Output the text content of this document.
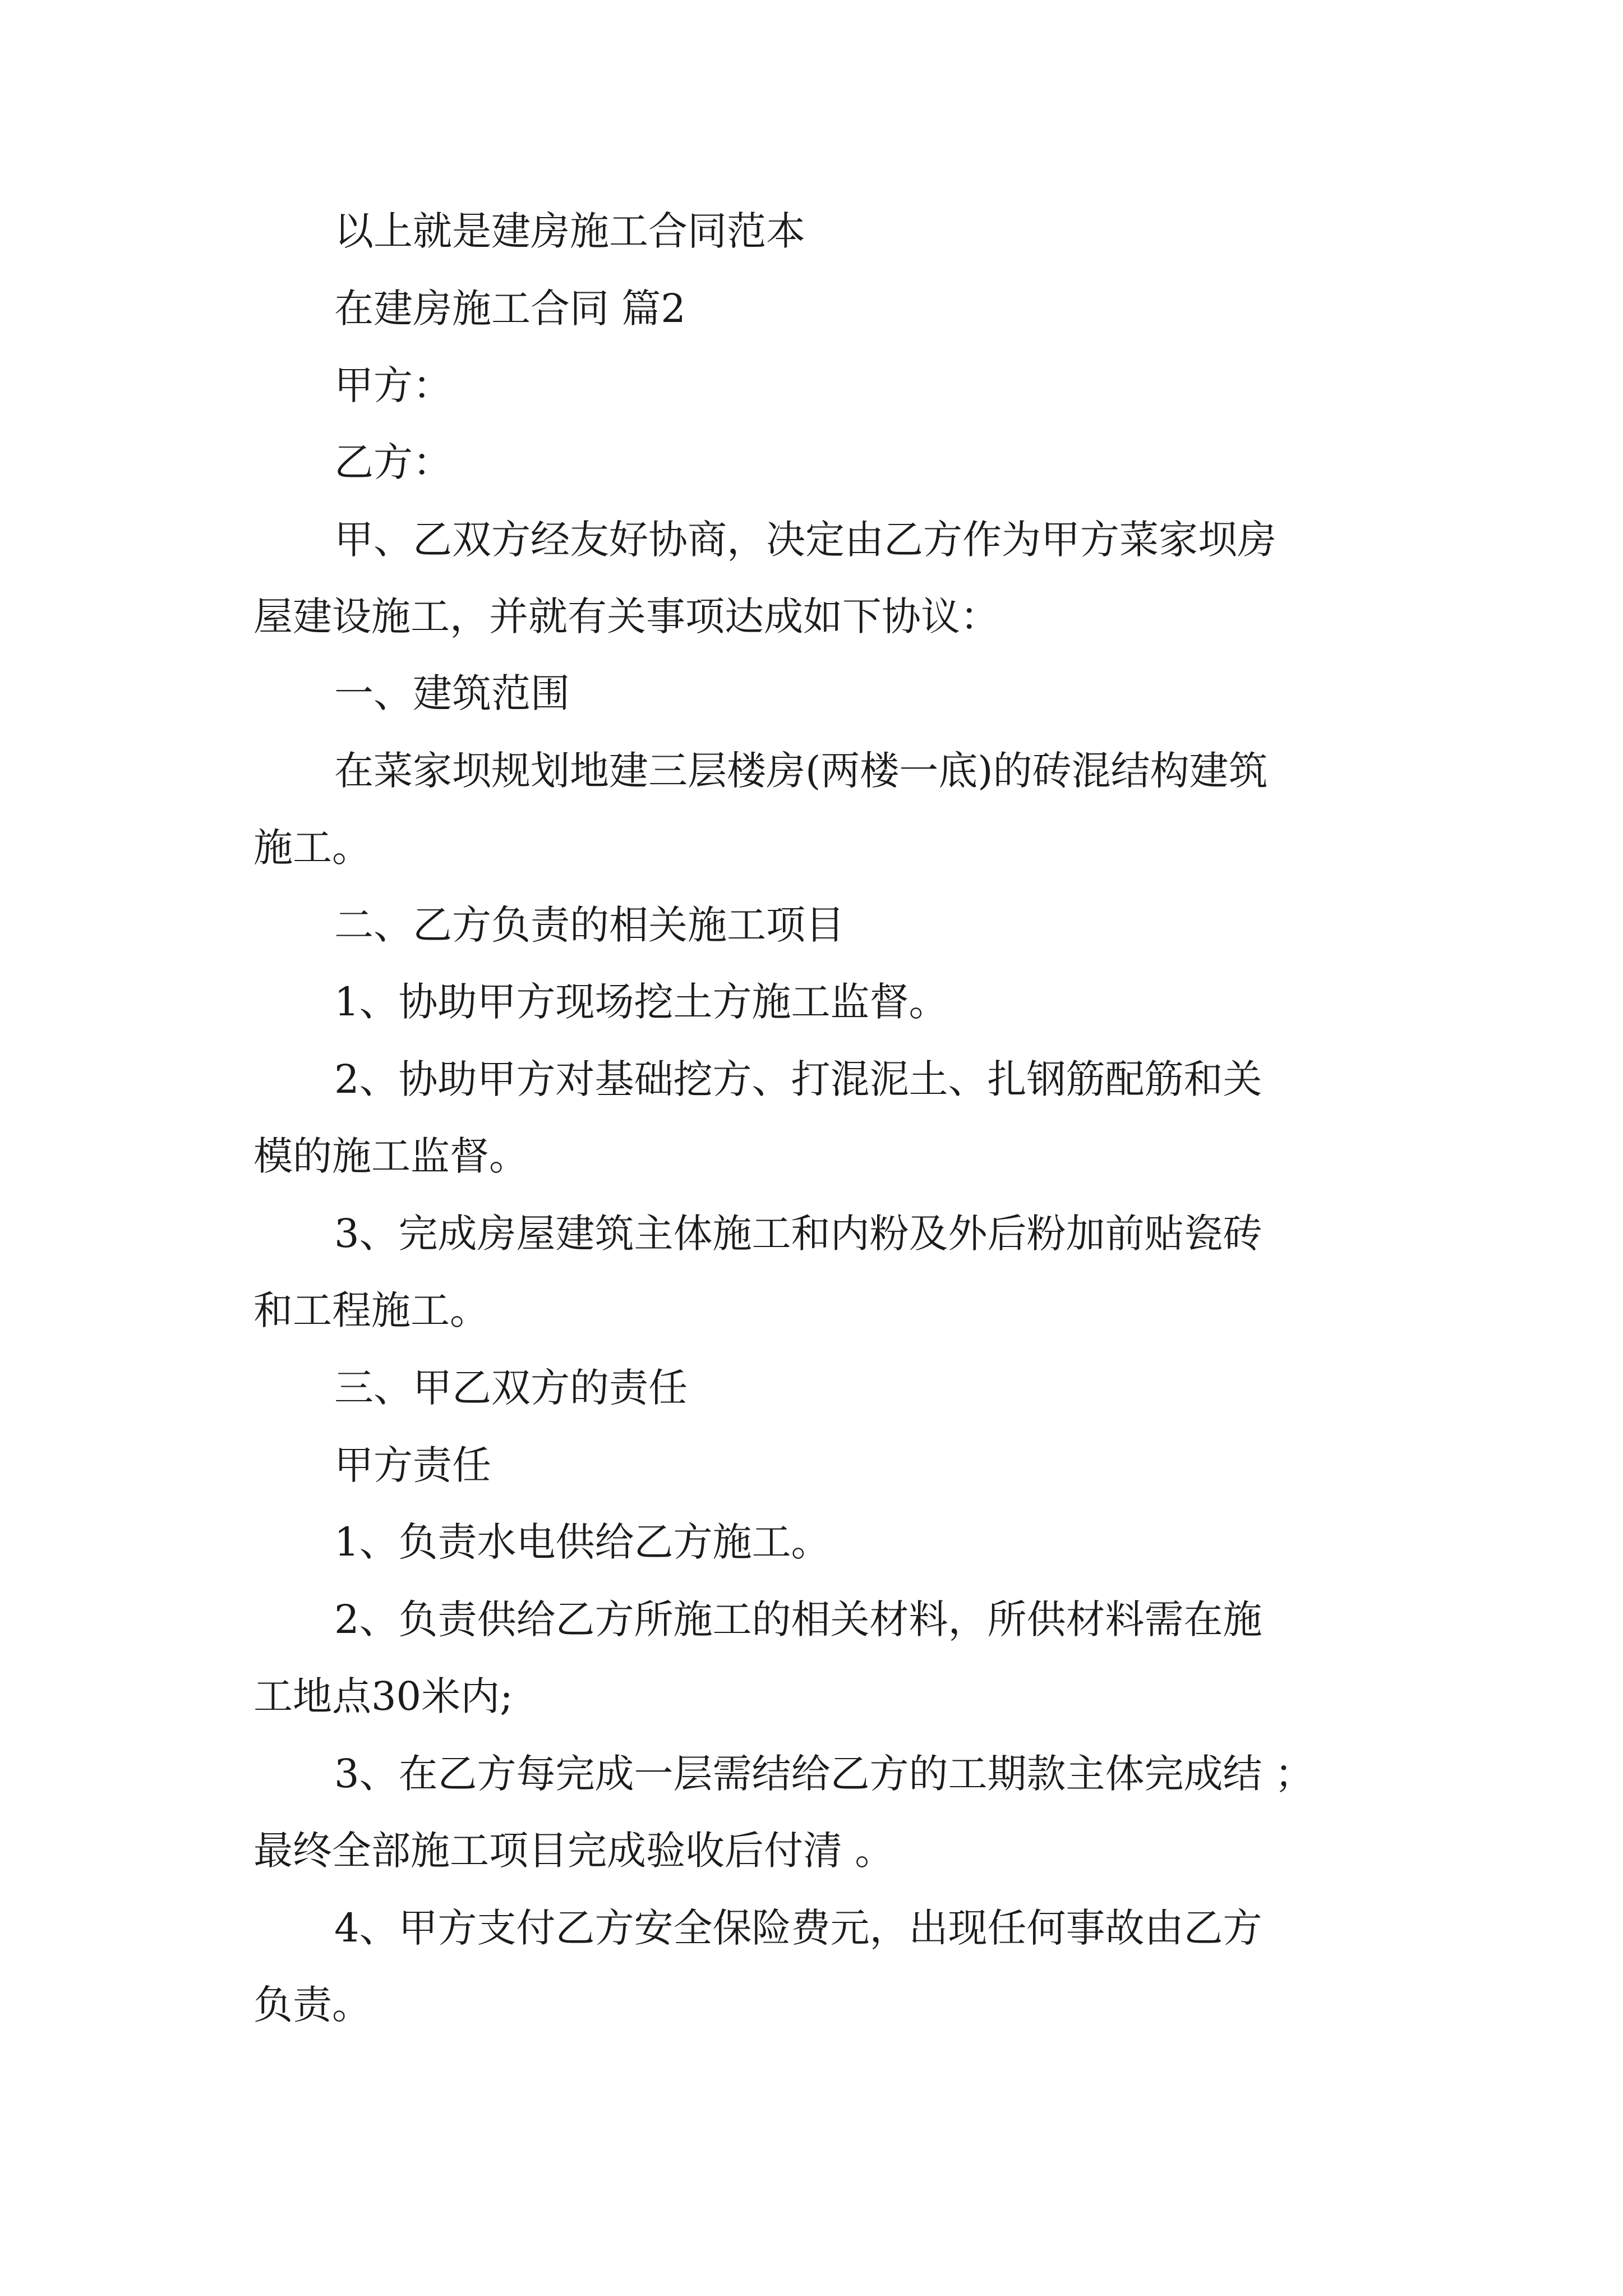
以上就是建房施工合同范本

在建房施工合同 篇2

甲方：

乙方：

甲、乙双方经友好协商，决定由乙方作为甲方菜家坝房

屋建设施工，并就有关事项达成如下协议：

一、建筑范围

在菜家坝规划地建三层楼房(两楼一底)的砖混结构建筑

施工。

二、乙方负责的相关施工项目

1、协助甲方现场挖土方施工监督。

2、协助甲方对基础挖方、打混泥土、扎钢筋配筋和关

模的施工监督。

3、完成房屋建筑主体施工和内粉及外后粉加前贴瓷砖

和工程施工。

三、甲乙双方的责任

甲方责任

1、负责水电供给乙方施工。

2、负责供给乙方所施工的相关材料，所供材料需在施

工地点30米内;

3、在乙方每完成一层需结给乙方的工期款主体完成结 ；

最终全部施工项目完成验收后付清 。

4、甲方支付乙方安全保险费元，出现任何事故由乙方

负责。
